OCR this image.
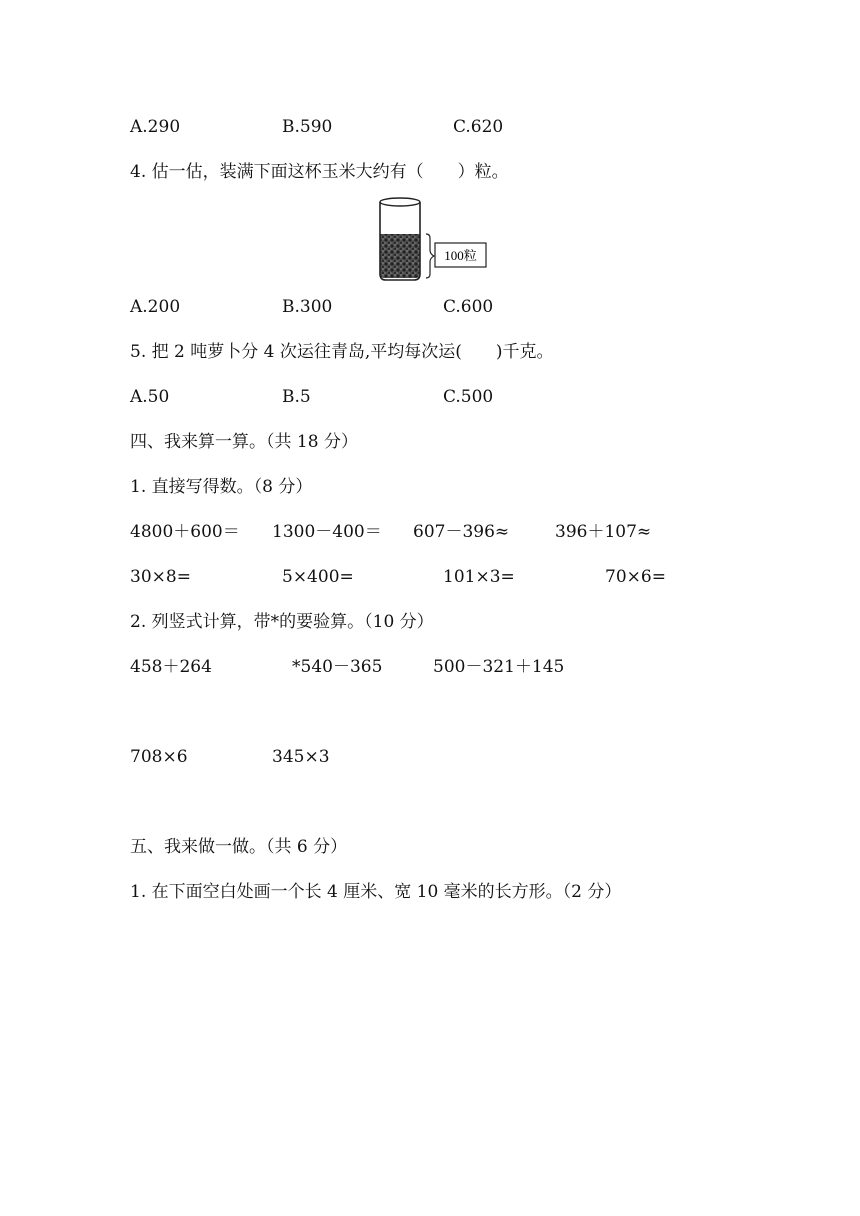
A.290	B.590	C.620
4. 估一估，装满下面这杯玉米大约有（　　）粒。
100粒
A.200	B.300	C.600
5. 把 2 吨萝卜分 4 次运往青岛,平均每次运(　　)千克。
A.50	B.5	C.500
四、我来算一算。（共 18 分）
1. 直接写得数。（8 分）
4800＋600＝ 1300－400＝ 607－396≈	396＋107≈
30×8=	5×400=	101×3=	70×6=
2. 列竖式计算，带*的要验算。（10 分）
458＋264	*540－365	500－321＋145
708×6	345×3
五、我来做一做。（共 6 分）
1. 在下面空白处画一个长 4 厘米、宽 10 毫米的长方形。（2 分）
